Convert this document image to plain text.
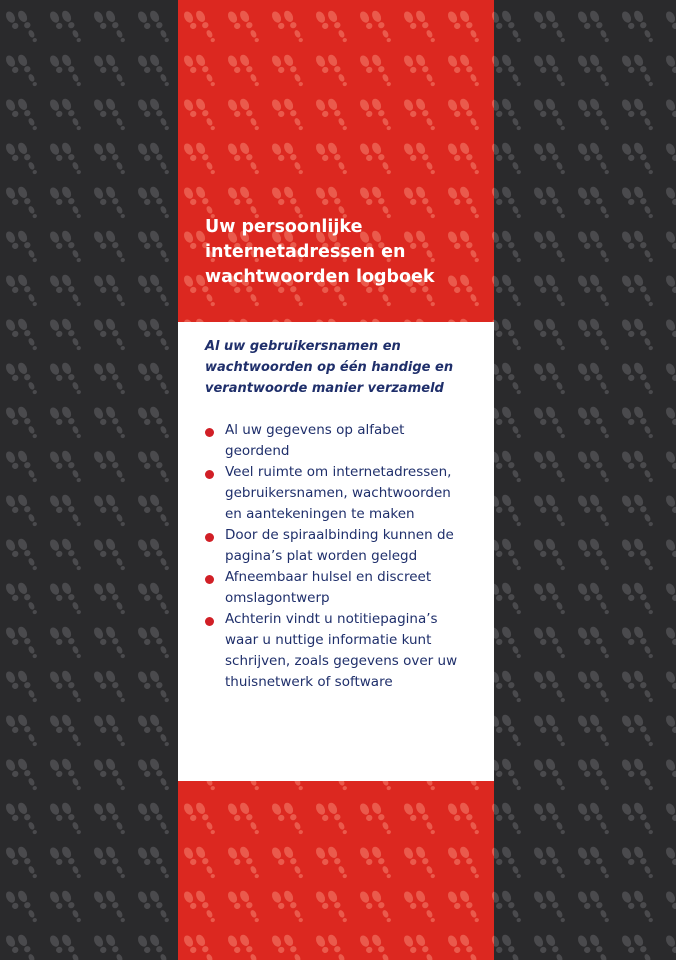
Uw persoonlijke
internetadressen en
wachtwoorden logboek

Al uw gebruikersnamen en
wachtwoorden op één handige en
verantwoorde manier verzameld

Al uw gegevens op alfabet
geordend
Veel ruimte om internetadressen,
gebruikersnamen, wachtwoorden
en aantekeningen te maken
Door de spiraalbinding kunnen de
pagina’s plat worden gelegd
Afneembaar hulsel en discreet
omslagontwerp
Achterin vindt u notitiepagina’s
waar u nuttige informatie kunt
schrijven, zoals gegevens over uw
thuisnetwerk of software
